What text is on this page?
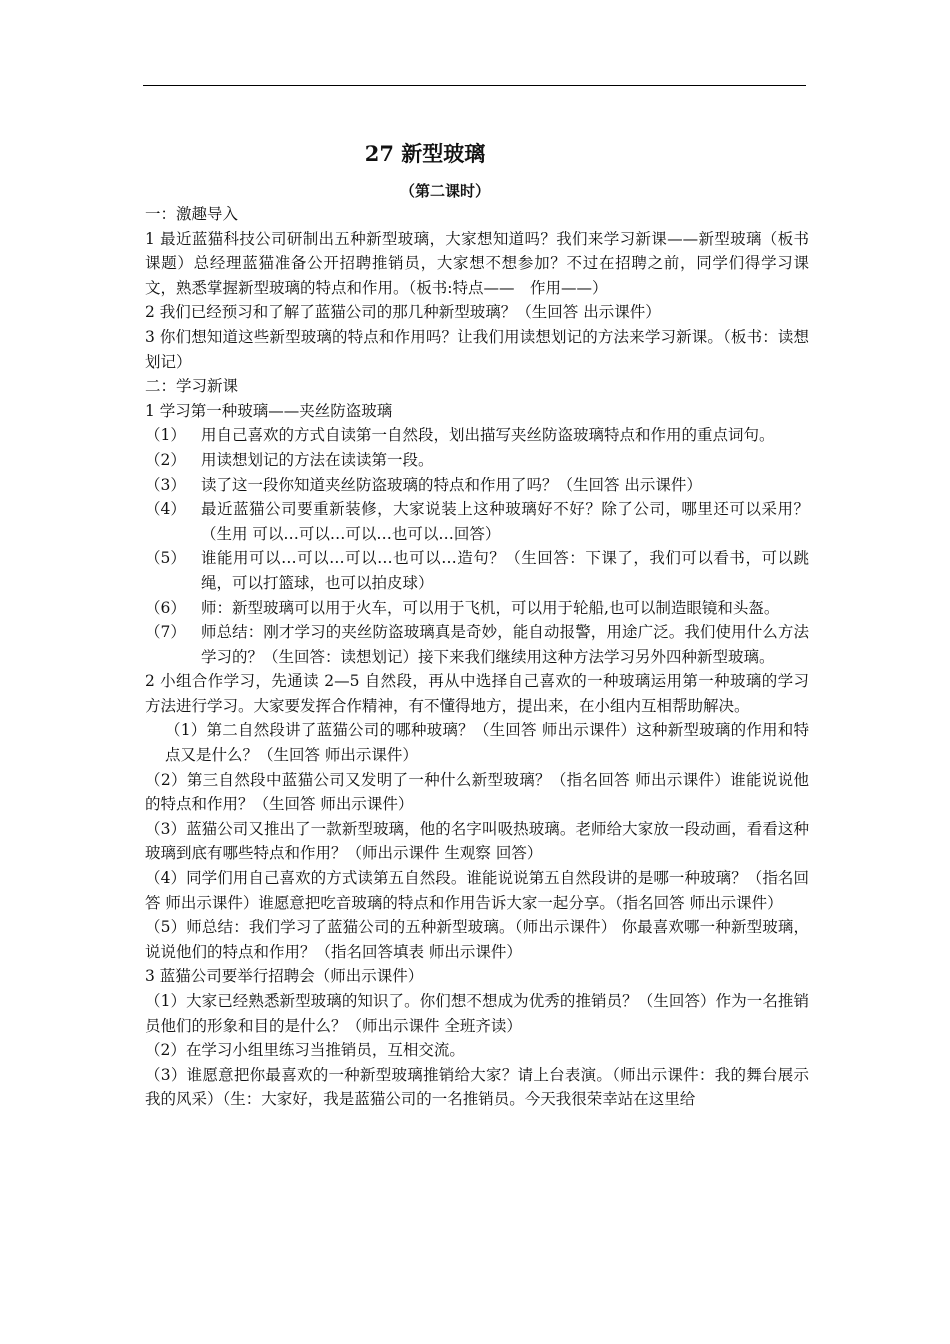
27 新型玻璃
（第二课时）

一：激趣导入

1 最近蓝猫科技公司研制出五种新型玻璃，大家想知道吗？我们来学习新课——新型玻璃（板书课题）总经理蓝猫准备公开招聘推销员，大家想不想参加？不过在招聘之前，同学们得学习课文，熟悉掌握新型玻璃的特点和作用。（板书:特点——　作用——）

2 我们已经预习和了解了蓝猫公司的那几种新型玻璃？（生回答 出示课件）

3 你们想知道这些新型玻璃的特点和作用吗？让我们用读想划记的方法来学习新课。（板书：读想划记）

二：学习新课

1 学习第一种玻璃——夹丝防盗玻璃

（1） 用自己喜欢的方式自读第一自然段，划出描写夹丝防盗玻璃特点和作用的重点词句。
（2） 用读想划记的方法在读读第一段。
（3） 读了这一段你知道夹丝防盗玻璃的特点和作用了吗？（生回答 出示课件）
（4） 最近蓝猫公司要重新装修，大家说装上这种玻璃好不好？除了公司，哪里还可以采用？（生用 可以…可以…可以…也可以…回答）
（5） 谁能用可以…可以…可以…也可以…造句？（生回答：下课了，我们可以看书，可以跳绳，可以打篮球，也可以拍皮球）
（6） 师：新型玻璃可以用于火车，可以用于飞机，可以用于轮船,也可以制造眼镜和头盔。
（7） 师总结：刚才学习的夹丝防盗玻璃真是奇妙，能自动报警，用途广泛。我们使用什么方法学习的？（生回答：读想划记）接下来我们继续用这种方法学习另外四种新型玻璃。

2 小组合作学习，先通读 2—5 自然段，再从中选择自己喜欢的一种玻璃运用第一种玻璃的学习方法进行学习。大家要发挥合作精神，有不懂得地方，提出来，在小组内互相帮助解决。

（1）第二自然段讲了蓝猫公司的哪种玻璃？（生回答 师出示课件）这种新型玻璃的作用和特点又是什么？（生回答 师出示课件）

（2）第三自然段中蓝猫公司又发明了一种什么新型玻璃？（指名回答 师出示课件）谁能说说他的特点和作用？（生回答 师出示课件）

（3）蓝猫公司又推出了一款新型玻璃，他的名字叫吸热玻璃。老师给大家放一段动画，看看这种玻璃到底有哪些特点和作用？（师出示课件 生观察 回答）

（4）同学们用自己喜欢的方式读第五自然段。谁能说说第五自然段讲的是哪一种玻璃？（指名回答 师出示课件）谁愿意把吃音玻璃的特点和作用告诉大家一起分享。（指名回答 师出示课件）

（5）师总结：我们学习了蓝猫公司的五种新型玻璃。（师出示课件） 你最喜欢哪一种新型玻璃，说说他们的特点和作用？（指名回答填表 师出示课件）

3 蓝猫公司要举行招聘会（师出示课件）

（1）大家已经熟悉新型玻璃的知识了。你们想不想成为优秀的推销员？（生回答）作为一名推销员他们的形象和目的是什么？（师出示课件 全班齐读）

（2）在学习小组里练习当推销员，互相交流。

（3）谁愿意把你最喜欢的一种新型玻璃推销给大家？请上台表演。（师出示课件：我的舞台展示我的风采）（生：大家好，我是蓝猫公司的一名推销员。今天我很荣幸站在这里给
